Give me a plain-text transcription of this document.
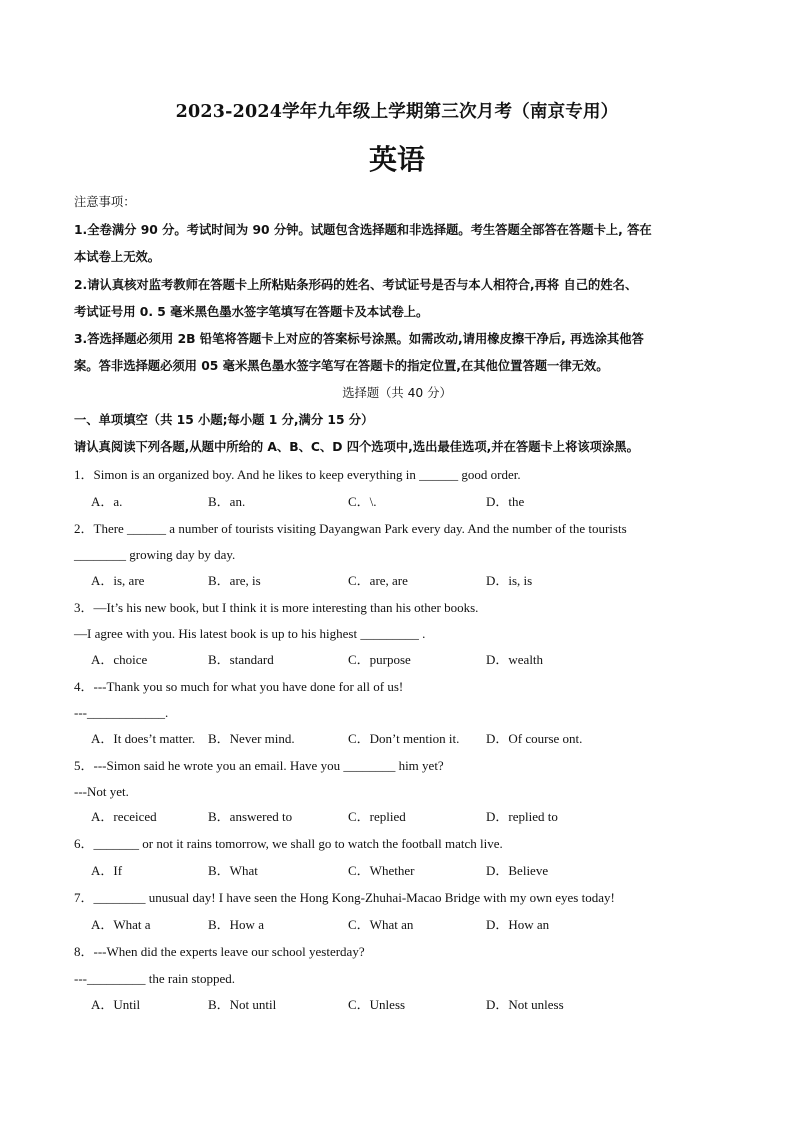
2023-2024学年九年级上学期第三次月考（南京专用）
英语
注意事项：
1.全卷满分 90 分。考试时间为 90 分钟。试题包含选择题和非选择题。考生答题全部答在答题卡上, 答在
本试卷上无效。
2.请认真核对监考教师在答题卡上所粘贴条形码的姓名、考试证号是否与本人相符合,再将 自己的姓名、
考试证号用 0. 5 毫米黑色墨水签字笔填写在答题卡及本试卷上。
3.答选择题必须用 2B 铅笔将答题卡上对应的答案标号涂黑。如需改动,请用橡皮擦干净后, 再选涂其他答
案。答非选择题必须用 05 毫米黑色墨水签字笔写在答题卡的指定位置,在其他位置答题一律无效。
选择题（共 40 分）
一、单项填空（共 15 小题;每小题 1 分,满分 15 分）
请认真阅读下列各题,从题中所给的 A、B、C、D 四个选项中,选出最佳选项,并在答题卡上将该项涂黑。
1．Simon is an organized boy. And he likes to keep everything in ______ good order.
A．a.	B．an.	C．\.	D．the
2．There ______ a number of tourists visiting Dayangwan Park every day. And the number of the tourists
________ growing day by day.
A．is, are	B．are, is	C．are, are	D．is, is
3．—It’s his new book, but I think it is more interesting than his other books.
—I agree with you. His latest book is up to his highest _________ .
A．choice	B．standard	C．purpose	D．wealth
4．---Thank you so much for what you have done for all of us!
---____________.
A．It does’t matter. B．Never mind.	C．Don’t mention it. D．Of course ont.
5．---Simon said he wrote you an email. Have you ________ him yet?
---Not yet.
A．receiced	B．answered to	C．replied	D．replied to
6．_______ or not it rains tomorrow, we shall go to watch the football match live.
A．If	B．What	C．Whether	D．Believe
7．________ unusual day! I have seen the Hong Kong-Zhuhai-Macao Bridge with my own eyes today!
A．What a	B．How a	C．What an	D．How an
8．---When did the experts leave our school yesterday?
---_________ the rain stopped.
A．Until	B．Not until	C．Unless	D．Not unless
